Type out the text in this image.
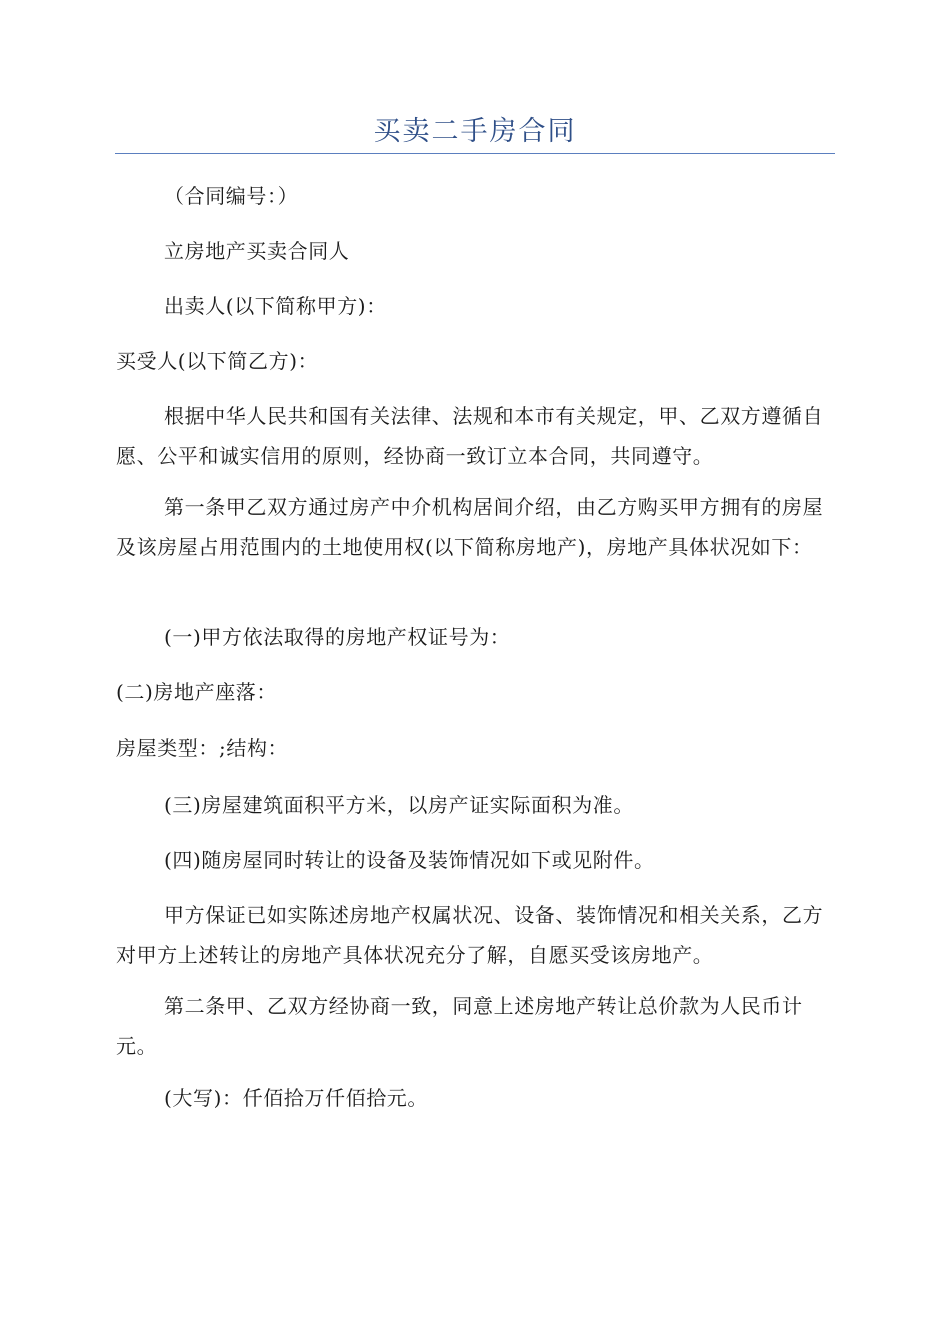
买卖二手房合同

（合同编号：）

立房地产买卖合同人

出卖人(以下简称甲方)：

买受人(以下简乙方)：

根据中华人民共和国有关法律、法规和本市有关规定，甲、乙双方遵循自愿、公平和诚实信用的原则，经协商一致订立本合同，共同遵守。

第一条甲乙双方通过房产中介机构居间介绍，由乙方购买甲方拥有的房屋及该房屋占用范围内的土地使用权(以下简称房地产)，房地产具体状况如下：

(一)甲方依法取得的房地产权证号为：

(二)房地产座落：

房屋类型：;结构：

(三)房屋建筑面积平方米，以房产证实际面积为准。

(四)随房屋同时转让的设备及装饰情况如下或见附件。

甲方保证已如实陈述房地产权属状况、设备、装饰情况和相关关系，乙方对甲方上述转让的房地产具体状况充分了解，自愿买受该房地产。

第二条甲、乙双方经协商一致，同意上述房地产转让总价款为人民币计元。

(大写)：仟佰拾万仟佰拾元。
